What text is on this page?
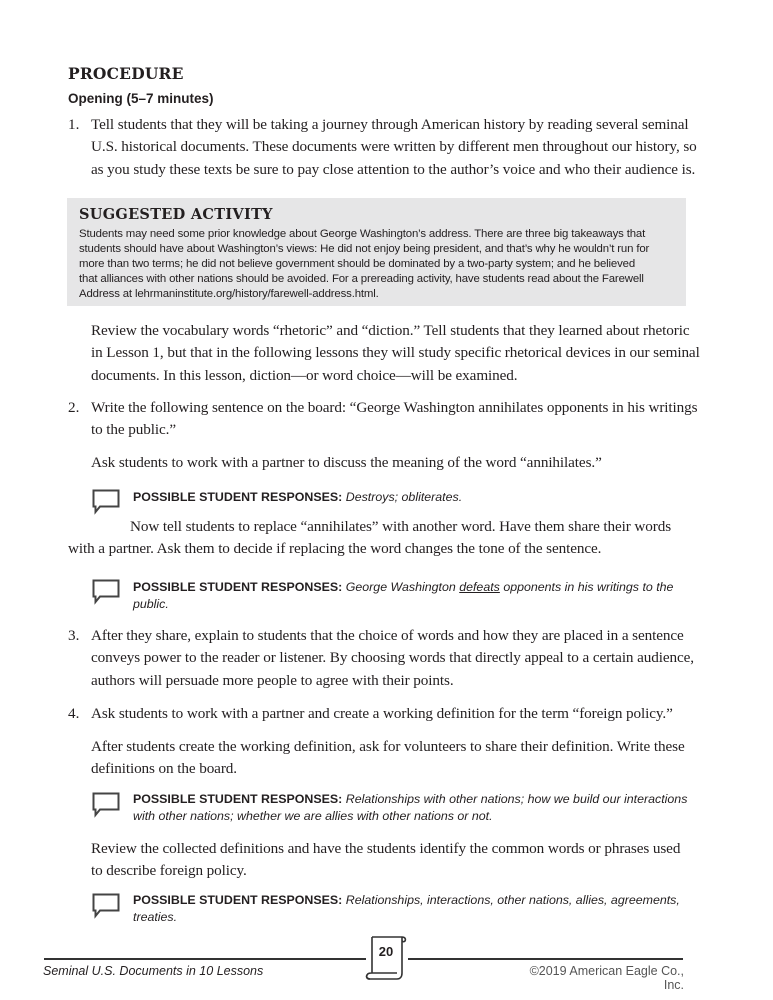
PROCEDURE
Opening (5–7 minutes)
1. Tell students that they will be taking a journey through American history by reading several seminal
U.S. historical documents. These documents were written by different men throughout our history, so
as you study these texts be sure to pay close attention to the author’s voice and who their audience is.
SUGGESTED ACTIVITY
Students may need some prior knowledge about George Washington’s address. There are three big takeaways that
students should have about Washington’s views: He did not enjoy being president, and that’s why he wouldn’t run for
more than two terms; he did not believe government should be dominated by a two-party system; and he believed
that alliances with other nations should be avoided. For a prereading activity, have students read about the Farewell
Address at lehrmaninstitute.org/history/farewell-address.html.
Review the vocabulary words “rhetoric” and “diction.” Tell students that they learned about rhetoric
in Lesson 1, but that in the following lessons they will study specific rhetorical devices in our seminal
documents. In this lesson, diction—or word choice—will be examined.
2. Write the following sentence on the board: “George Washington annihilates opponents in his writings
to the public.”
Ask students to work with a partner to discuss the meaning of the word “annihilates.”
POSSIBLE STUDENT RESPONSES: Destroys; obliterates.
Now tell students to replace “annihilates” with another word. Have them share their words
with a partner. Ask them to decide if replacing the word changes the tone of the sentence.
POSSIBLE STUDENT RESPONSES: George Washington defeats opponents in his writings to the
public.
3. After they share, explain to students that the choice of words and how they are placed in a sentence
conveys power to the reader or listener. By choosing words that directly appeal to a certain audience,
authors will persuade more people to agree with their points.
4. Ask students to work with a partner and create a working definition for the term “foreign policy.”
After students create the working definition, ask for volunteers to share their definition. Write these
definitions on the board.
POSSIBLE STUDENT RESPONSES: Relationships with other nations; how we build our interactions
with other nations; whether we are allies with other nations or not.
Review the collected definitions and have the students identify the common words or phrases used
to describe foreign policy.
POSSIBLE STUDENT RESPONSES: Relationships, interactions, other nations, allies, agreements,
treaties.
20
Seminal U.S. Documents in 10 Lessons	©2019 American Eagle Co., Inc.
